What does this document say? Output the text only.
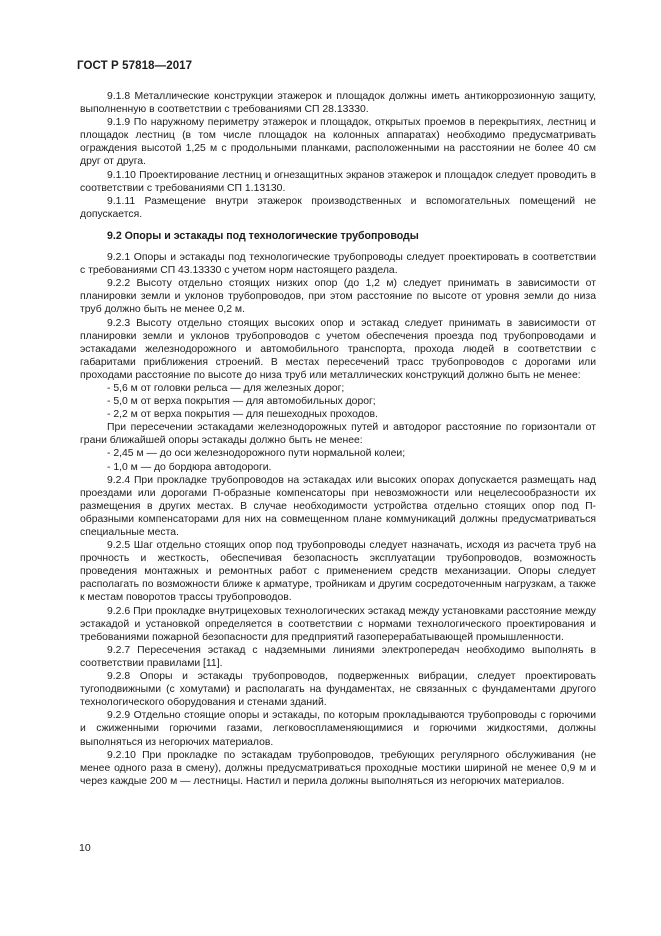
ГОСТ Р 57818—2017

9.1.8 Металлические конструкции этажерок и площадок должны иметь антикоррозионную защиту, выполненную в соответствии с требованиями СП 28.13330.

9.1.9 По наружному периметру этажерок и площадок, открытых проемов в перекрытиях, лестниц и площадок лестниц (в том числе площадок на колонных аппаратах) необходимо предусматривать ограждения высотой 1,25 м с продольными планками, расположенными на расстоянии не более 40 см друг от друга.

9.1.10 Проектирование лестниц и огнезащитных экранов этажерок и площадок следует проводить в соответствии с требованиями СП 1.13130.

9.1.11 Размещение внутри этажерок производственных и вспомогательных помещений не допускается.

9.2 Опоры и эстакады под технологические трубопроводы

9.2.1 Опоры и эстакады под технологические трубопроводы следует проектировать в соответствии с требованиями СП 43.13330 с учетом норм настоящего раздела.

9.2.2 Высоту отдельно стоящих низких опор (до 1,2 м) следует принимать в зависимости от планировки земли и уклонов трубопроводов, при этом расстояние по высоте от уровня земли до низа труб должно быть не менее 0,2 м.

9.2.3 Высоту отдельно стоящих высоких опор и эстакад следует принимать в зависимости от планировки земли и уклонов трубопроводов с учетом обеспечения проезда под трубопроводами и эстакадами железнодорожного и автомобильного транспорта, прохода людей в соответствии с габаритами приближения строений. В местах пересечений трасс трубопроводов с дорогами или проходами расстояние по высоте до низа труб или металлических конструкций должно быть не менее:

- 5,6 м от головки рельса — для железных дорог;

- 5,0 м от верха покрытия — для автомобильных дорог;

- 2,2 м от верха покрытия — для пешеходных проходов.

При пересечении эстакадами железнодорожных путей и автодорог расстояние по горизонтали от грани ближайшей опоры эстакады должно быть не менее:

- 2,45 м — до оси железнодорожного пути нормальной колеи;

- 1,0 м — до бордюра автодороги.

9.2.4 При прокладке трубопроводов на эстакадах или высоких опорах допускается размещать над проездами или дорогами П-образные компенсаторы при невозможности или нецелесообразности их размещения в других местах. В случае необходимости устройства отдельно стоящих опор под П-образными компенсаторами для них на совмещенном плане коммуникаций должны предусматриваться специальные места.

9.2.5 Шаг отдельно стоящих опор под трубопроводы следует назначать, исходя из расчета труб на прочность и жесткость, обеспечивая безопасность эксплуатации трубопроводов, возможность проведения монтажных и ремонтных работ с применением средств механизации. Опоры следует располагать по возможности ближе к арматуре, тройникам и другим сосредоточенным нагрузкам, а также к местам поворотов трассы трубопроводов.

9.2.6 При прокладке внутрицеховых технологических эстакад между установками расстояние между эстакадой и установкой определяется в соответствии с нормами технологического проектирования и требованиями пожарной безопасности для предприятий газоперерабатывающей промышленности.

9.2.7 Пересечения эстакад с надземными линиями электропередач необходимо выполнять в соответствии правилами [11].

9.2.8 Опоры и эстакады трубопроводов, подверженных вибрации, следует проектировать тугоподвижными (с хомутами) и располагать на фундаментах, не связанных с фундаментами другого технологического оборудования и стенами зданий.

9.2.9 Отдельно стоящие опоры и эстакады, по которым прокладываются трубопроводы с горючими и сжиженными горючими газами, легковоспламеняющимися и горючими жидкостями, должны выполняться из негорючих материалов.

9.2.10 При прокладке по эстакадам трубопроводов, требующих регулярного обслуживания (не менее одного раза в смену), должны предусматриваться проходные мостики шириной не менее 0,9 м и через каждые 200 м — лестницы. Настил и перила должны выполняться из негорючих материалов.

10
